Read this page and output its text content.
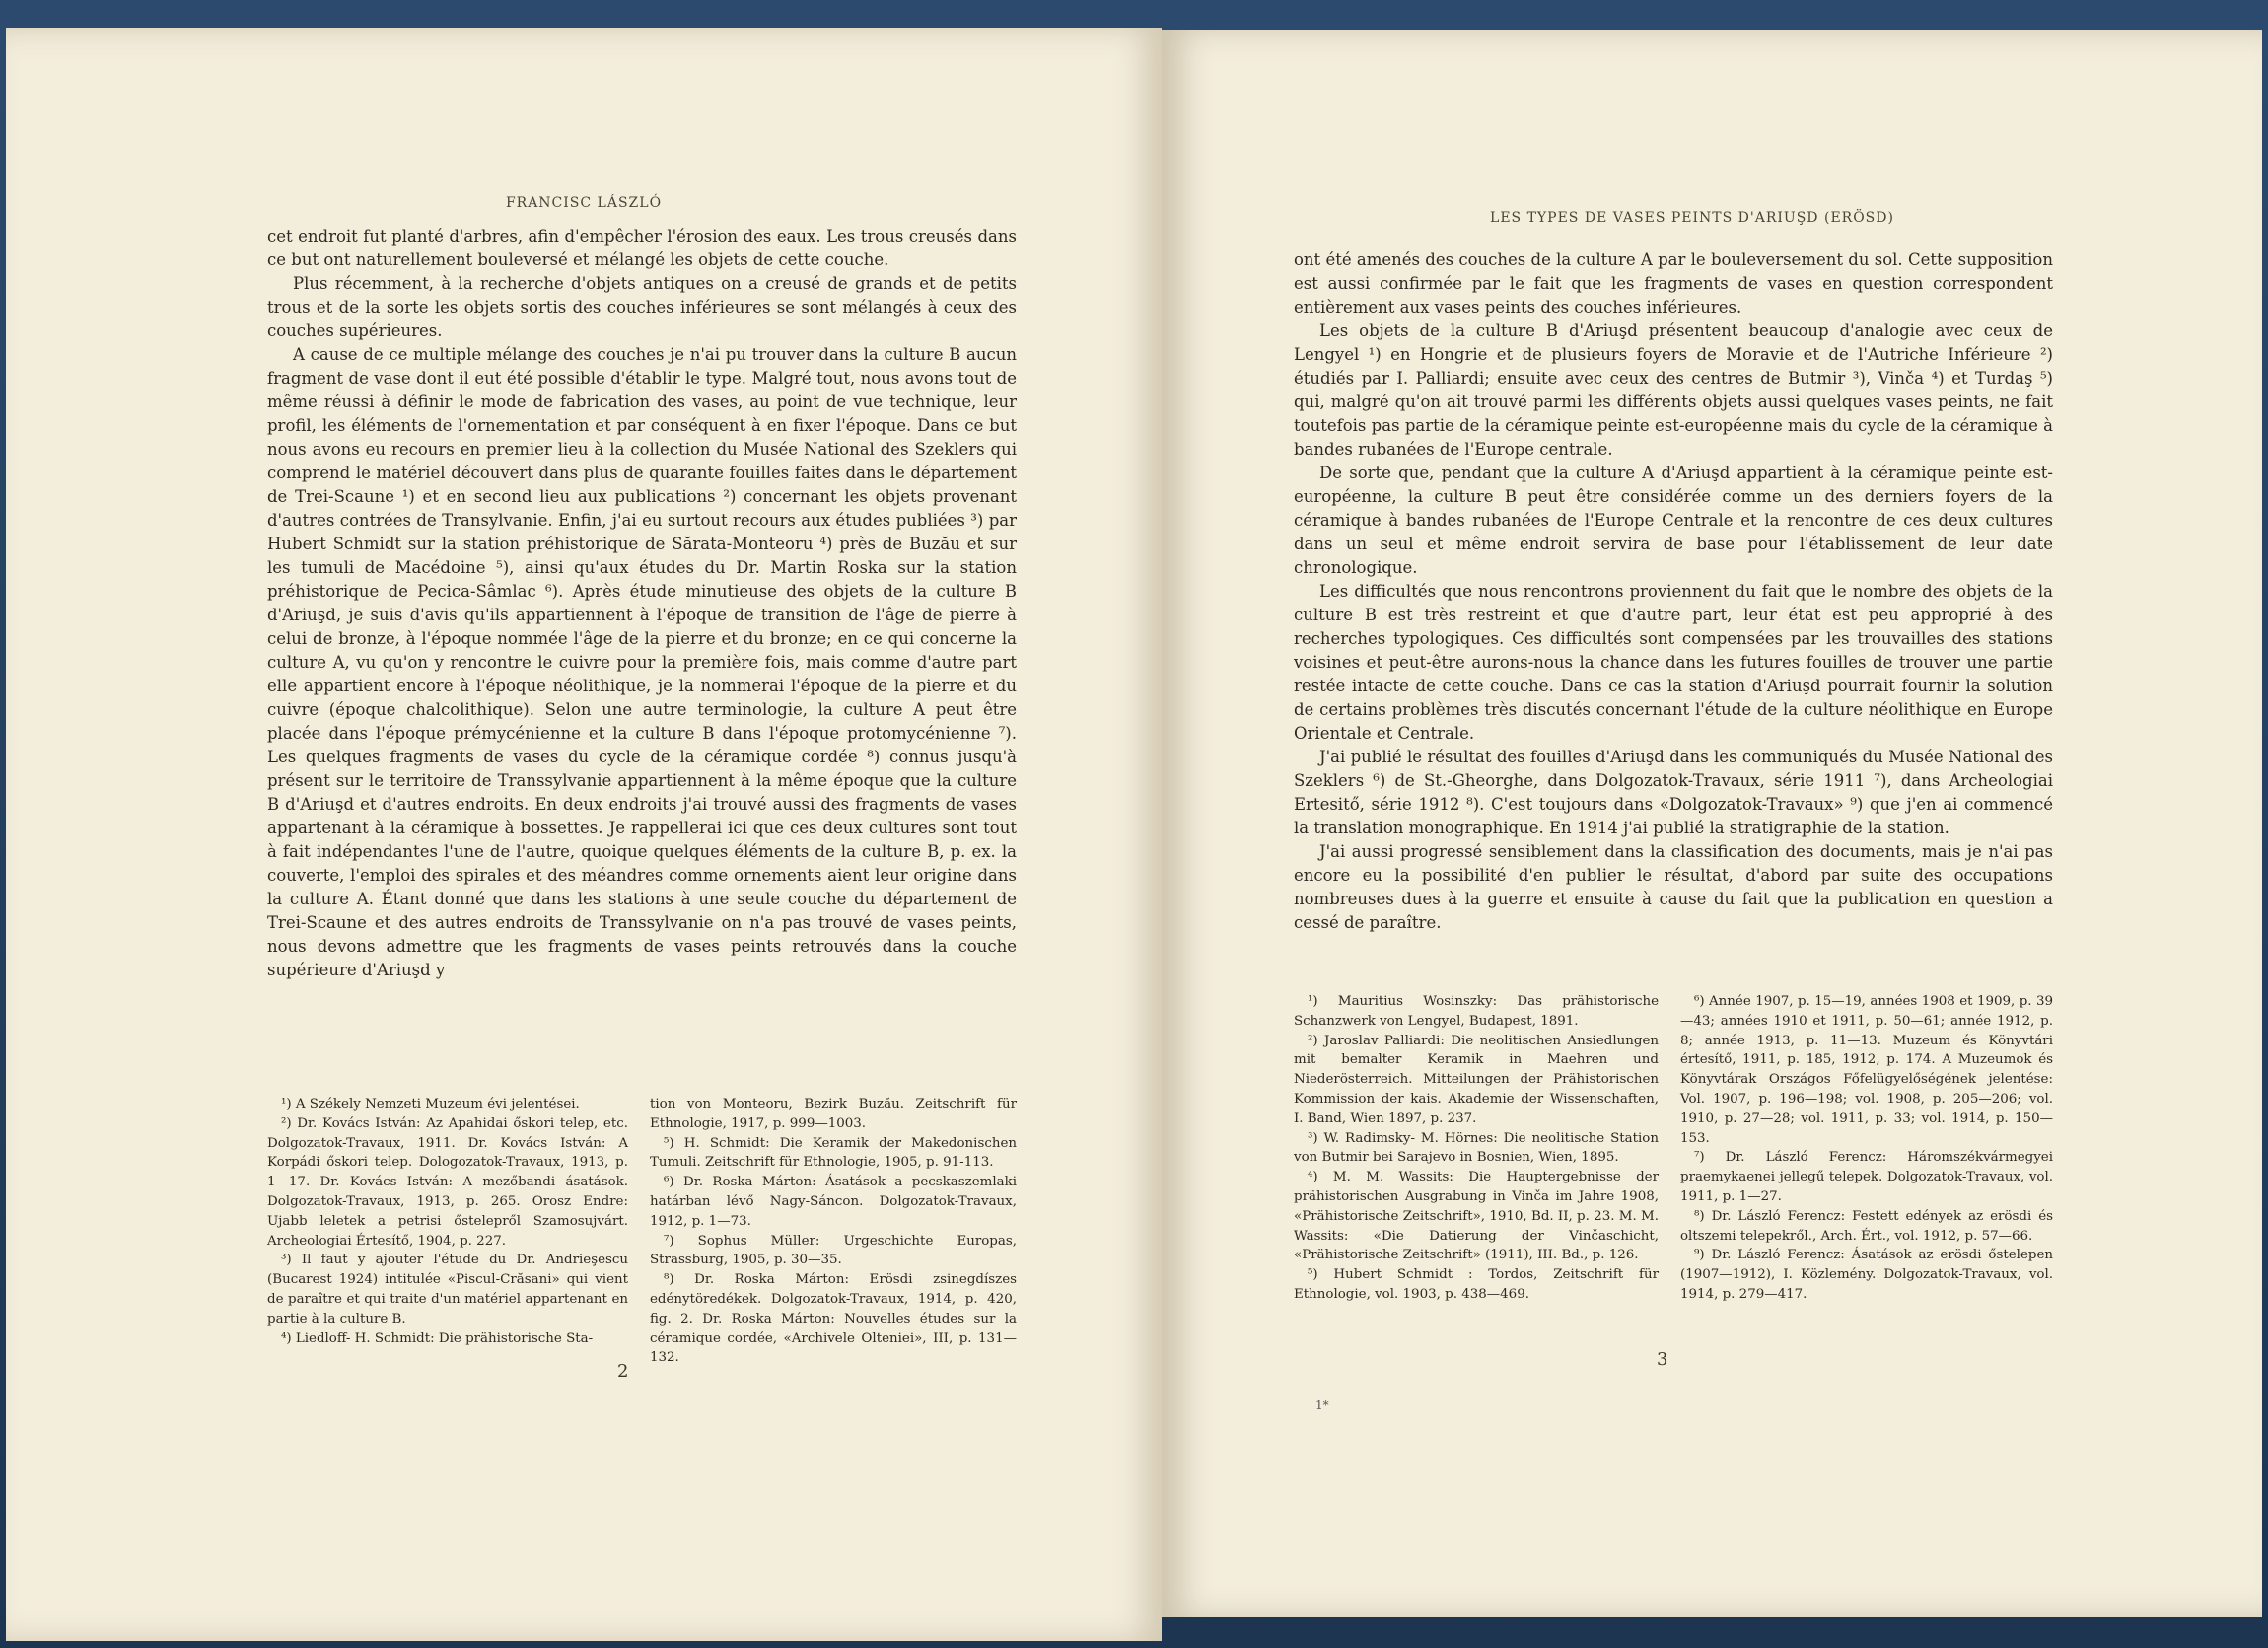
FRANCISC LÁSZLÓ

cet endroit fut planté d'arbres, afin d'empêcher l'érosion des eaux. Les trous creusés dans ce but ont naturellement bouleversé et mélangé les objets de cette couche.

Plus récemment, à la recherche d'objets antiques on a creusé de grands et de petits trous et de la sorte les objets sortis des couches inférieures se sont mélangés à ceux des couches supérieures.

A cause de ce multiple mélange des couches je n'ai pu trouver dans la culture B aucun fragment de vase dont il eut été possible d'établir le type. Malgré tout, nous avons tout de même réussi à définir le mode de fabrication des vases, au point de vue technique, leur profil, les éléments de l'ornementation et par conséquent à en fixer l'époque. Dans ce but nous avons eu recours en premier lieu à la collection du Musée National des Szeklers qui comprend le matériel découvert dans plus de quarante fouilles faites dans le département de Trei-Scaune ¹) et en second lieu aux publications ²) concernant les objets provenant d'autres contrées de Transylvanie. Enfin, j'ai eu surtout recours aux études publiées ³) par Hubert Schmidt sur la station préhistorique de Sărata-Monteoru ⁴) près de Buzău et sur les tumuli de Macédoine ⁵), ainsi qu'aux études du Dr. Martin Roska sur la station préhistorique de Pecica-Sâmlac ⁶). Après étude minutieuse des objets de la culture B d'Ariuşd, je suis d'avis qu'ils appartiennent à l'époque de transition de l'âge de pierre à celui de bronze, à l'époque nommée l'âge de la pierre et du bronze; en ce qui concerne la culture A, vu qu'on y rencontre le cuivre pour la première fois, mais comme d'autre part elle appartient encore à l'époque néolithique, je la nommerai l'époque de la pierre et du cuivre (époque chalcolithique). Selon une autre terminologie, la culture A peut être placée dans l'époque prémycénienne et la culture B dans l'époque protomycénienne ⁷). Les quelques fragments de vases du cycle de la céramique cordée ⁸) connus jusqu'à présent sur le territoire de Transsylvanie appartiennent à la même époque que la culture B d'Ariuşd et d'autres endroits. En deux endroits j'ai trouvé aussi des fragments de vases appartenant à la céramique à bossettes. Je rappellerai ici que ces deux cultures sont tout à fait indépendantes l'une de l'autre, quoique quelques éléments de la culture B, p. ex. la couverte, l'emploi des spirales et des méandres comme ornements aient leur origine dans la culture A. Étant donné que dans les stations à une seule couche du département de Trei-Scaune et des autres endroits de Transsylvanie on n'a pas trouvé de vases peints, nous devons admettre que les fragments de vases peints retrouvés dans la couche supérieure d'Ariuşd y

¹) A Székely Nemzeti Muzeum évi jelentései.

²) Dr. Kovács István: Az Apahidai őskori telep, etc. Dolgozatok-Travaux, 1911. Dr. Kovács István: A Korpádi őskori telep. Dologozatok-Travaux, 1913, p. 1—17. Dr. Kovács István: A mezőbandi ásatások. Dolgozatok-Travaux, 1913, p. 265. Orosz Endre: Ujabb leletek a petrisi őstelepről Szamosujvárt. Archeologiai Értesítő, 1904, p. 227.

³) Il faut y ajouter l'étude du Dr. Andrieşescu (Bucarest 1924) intitulée «Piscul-Crăsani» qui vient de paraître et qui traite d'un matériel appartenant en partie à la culture B.

⁴) Liedloff- H. Schmidt: Die prähistorische Sta-

tion von Monteoru, Bezirk Buzău. Zeitschrift für Ethnologie, 1917, p. 999—1003.

⁵) H. Schmidt: Die Keramik der Makedonischen Tumuli. Zeitschrift für Ethnologie, 1905, p. 91-113.

⁶) Dr. Roska Márton: Ásatások a pecskaszemlaki határban lévő Nagy-Sáncon. Dolgozatok-Travaux, 1912, p. 1—73.

⁷) Sophus Müller: Urgeschichte Europas, Strassburg, 1905, p. 30—35.

⁸) Dr. Roska Márton: Erösdi zsinegdíszes edénytöredékek. Dolgozatok-Travaux, 1914, p. 420, fig. 2. Dr. Roska Márton: Nouvelles études sur la céramique cordée, «Archivele Olteniei», III, p. 131—132.

2
LES TYPES DE VASES PEINTS D'ARIUŞD (ERÖSD)

ont été amenés des couches de la culture A par le bouleversement du sol. Cette supposition est aussi confirmée par le fait que les fragments de vases en question correspondent entièrement aux vases peints des couches inférieures.

Les objets de la culture B d'Ariuşd présentent beaucoup d'analogie avec ceux de Lengyel ¹) en Hongrie et de plusieurs foyers de Moravie et de l'Autriche Inférieure ²) étudiés par I. Palliardi; ensuite avec ceux des centres de Butmir ³), Vinča ⁴) et Turdaş ⁵) qui, malgré qu'on ait trouvé parmi les différents objets aussi quelques vases peints, ne fait toutefois pas partie de la céramique peinte est-européenne mais du cycle de la céramique à bandes rubanées de l'Europe centrale.

De sorte que, pendant que la culture A d'Ariuşd appartient à la céramique peinte est-européenne, la culture B peut être considérée comme un des derniers foyers de la céramique à bandes rubanées de l'Europe Centrale et la rencontre de ces deux cultures dans un seul et même endroit servira de base pour l'établissement de leur date chronologique.

Les difficultés que nous rencontrons proviennent du fait que le nombre des objets de la culture B est très restreint et que d'autre part, leur état est peu approprié à des recherches typologiques. Ces difficultés sont compensées par les trouvailles des stations voisines et peut-être aurons-nous la chance dans les futures fouilles de trouver une partie restée intacte de cette couche. Dans ce cas la station d'Ariuşd pourrait fournir la solution de certains problèmes très discutés concernant l'étude de la culture néolithique en Europe Orientale et Centrale.

J'ai publié le résultat des fouilles d'Ariuşd dans les communiqués du Musée National des Szeklers ⁶) de St.-Gheorghe, dans Dolgozatok-Travaux, série 1911 ⁷), dans Archeologiai Ertesitő, série 1912 ⁸). C'est toujours dans «Dolgozatok-Travaux» ⁹) que j'en ai commencé la translation monographique. En 1914 j'ai publié la stratigraphie de la station.

J'ai aussi progressé sensiblement dans la classification des documents, mais je n'ai pas encore eu la possibilité d'en publier le résultat, d'abord par suite des occupations nombreuses dues à la guerre et ensuite à cause du fait que la publication en question a cessé de paraître.

¹) Mauritius Wosinszky: Das prähistorische Schanzwerk von Lengyel, Budapest, 1891.

²) Jaroslav Palliardi: Die neolitischen Ansiedlungen mit bemalter Keramik in Maehren und Niederösterreich. Mitteilungen der Prähistorischen Kommission der kais. Akademie der Wissenschaften, I. Band, Wien 1897, p. 237.

³) W. Radimsky- M. Hörnes: Die neolitische Station von Butmir bei Sarajevo in Bosnien, Wien, 1895.

⁴) M. M. Wassits: Die Hauptergebnisse der prähistorischen Ausgrabung in Vinča im Jahre 1908, «Prähistorische Zeitschrift», 1910, Bd. II, p. 23. M. M. Wassits: «Die Datierung der Vinčaschicht, «Prähistorische Zeitschrift» (1911), III. Bd., p. 126.

⁵) Hubert Schmidt : Tordos, Zeitschrift für Ethnologie, vol. 1903, p. 438—469.

⁶) Année 1907, p. 15—19, années 1908 et 1909, p. 39—43; années 1910 et 1911, p. 50—61; année 1912, p. 8; année 1913, p. 11—13. Muzeum és Könyvtári értesítő, 1911, p. 185, 1912, p. 174. A Muzeumok és Könyvtárak Országos Főfelügyelőségének jelentése: Vol. 1907, p. 196—198; vol. 1908, p. 205—206; vol. 1910, p. 27—28; vol. 1911, p. 33; vol. 1914, p. 150—153.

⁷) Dr. László Ferencz: Háromszékvármegyei praemykaenei jellegű telepek. Dolgozatok-Travaux, vol. 1911, p. 1—27.

⁸) Dr. László Ferencz: Festett edények az erösdi és oltszemi telepekről., Arch. Ért., vol. 1912, p. 57—66.

⁹) Dr. László Ferencz: Ásatások az erösdi őstelepen (1907—1912), I. Közlemény. Dolgozatok-Travaux, vol. 1914, p. 279—417.

3
1*
